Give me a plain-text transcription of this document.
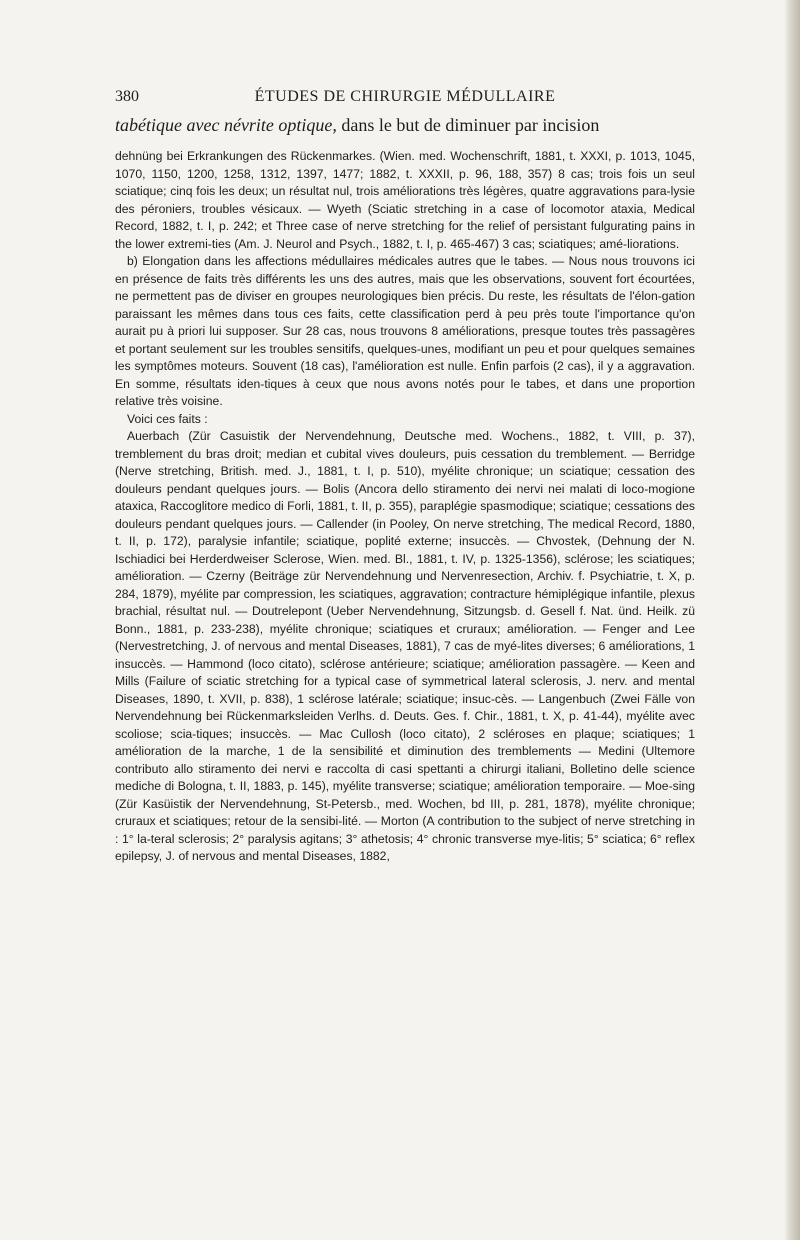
380	ÉTUDES DE CHIRURGIE MÉDULLAIRE

tabétique avec névrite optique, dans le but de diminuer par incision

dehnüng bei Erkrankungen des Rückenmarkes. (Wien. med. Wochenschrift, 1881, t. XXXI, p. 1013, 1045, 1070, 1150, 1200, 1258, 1312, 1397, 1477; 1882, t. XXXII, p. 96, 188, 357) 8 cas; trois fois un seul sciatique; cinq fois les deux; un résultat nul, trois améliorations très légères, quatre aggravations para-lysie des péroniers, troubles vésicaux. — Wyeth (Sciatic stretching in a case of locomotor ataxia, Medical Record, 1882, t. I, p. 242; et Three case of nerve stretching for the relief of persistant fulgurating pains in the lower extremi-ties (Am. J. Neurol and Psych., 1882, t. I, p. 465-467) 3 cas; sciatiques; amé-liorations.

b) Elongation dans les affections médullaires médicales autres que le tabes. — Nous nous trouvons ici en présence de faits très différents les uns des autres, mais que les observations, souvent fort écourtées, ne permettent pas de diviser en groupes neurologiques bien précis. Du reste, les résultats de l'élon-gation paraissant les mêmes dans tous ces faits, cette classification perd à peu près toute l'importance qu'on aurait pu à priori lui supposer. Sur 28 cas, nous trouvons 8 améliorations, presque toutes très passagères et portant seulement sur les troubles sensitifs, quelques-unes, modifiant un peu et pour quelques semaines les symptômes moteurs. Souvent (18 cas), l'amélioration est nulle. Enfin parfois (2 cas), il y a aggravation. En somme, résultats iden-tiques à ceux que nous avons notés pour le tabes, et dans une proportion relative très voisine.

Voici ces faits :

Auerbach (Zür Casuistik der Nervendehnung, Deutsche med. Wochens., 1882, t. VIII, p. 37), tremblement du bras droit; median et cubital vives douleurs, puis cessation du tremblement. — Berridge (Nerve stretching, British. med. J., 1881, t. I, p. 510), myélite chronique; un sciatique; cessation des douleurs pendant quelques jours. — Bolis (Ancora dello stiramento dei nervi nei malati di loco-mogione ataxica, Raccoglitore medico di Forli, 1881, t. II, p. 355), paraplégie spasmodique; sciatique; cessations des douleurs pendant quelques jours. — Callender (in Pooley, On nerve stretching, The medical Record, 1880, t. II, p. 172), paralysie infantile; sciatique, poplité externe; insuccès. — Chvostek, (Dehnung der N. Ischiadici bei Herderdweiser Sclerose, Wien. med. Bl., 1881, t. IV, p. 1325-1356), sclérose; les sciatiques; amélioration. — Czerny (Beiträge zür Nervendehnung und Nervenresection, Archiv. f. Psychiatrie, t. X, p. 284, 1879), myélite par compression, les sciatiques, aggravation; contracture hémiplégique infantile, plexus brachial, résultat nul. — Doutrelepont (Ueber Nervendehnung, Sitzungsb. d. Gesell f. Nat. ünd. Heilk. zü Bonn., 1881, p. 233-238), myélite chronique; sciatiques et cruraux; amélioration. — Fenger and Lee (Nervestretching, J. of nervous and mental Diseases, 1881), 7 cas de myé-lites diverses; 6 améliorations, 1 insuccès. — Hammond (loco citato), sclérose antérieure; sciatique; amélioration passagère. — Keen and Mills (Failure of sciatic stretching for a typical case of symmetrical lateral sclerosis, J. nerv. and mental Diseases, 1890, t. XVII, p. 838), 1 sclérose latérale; sciatique; insuc-cès. — Langenbuch (Zwei Fälle von Nervendehnung bei Rückenmarksleiden Verlhs. d. Deuts. Ges. f. Chir., 1881, t. X, p. 41-44), myélite avec scoliose; scia-tiques; insuccès. — Mac Cullosh (loco citato), 2 scléroses en plaque; sciatiques; 1 amélioration de la marche, 1 de la sensibilité et diminution des tremblements — Medini (Ultemore contributo allo stiramento dei nervi e raccolta di casi spettanti a chirurgi italiani, Bolletino delle science mediche di Bologna, t. II, 1883, p. 145), myélite transverse; sciatique; amélioration temporaire. — Moe-sing (Zür Kasüistik der Nervendehnung, St-Petersb., med. Wochen, bd III, p. 281, 1878), myélite chronique; cruraux et sciatiques; retour de la sensibi-lité. — Morton (A contribution to the subject of nerve stretching in : 1° la-teral sclerosis; 2° paralysis agitans; 3° athetosis; 4° chronic transverse mye-litis; 5° sciatica; 6° reflex epilepsy, J. of nervous and mental Diseases, 1882,
